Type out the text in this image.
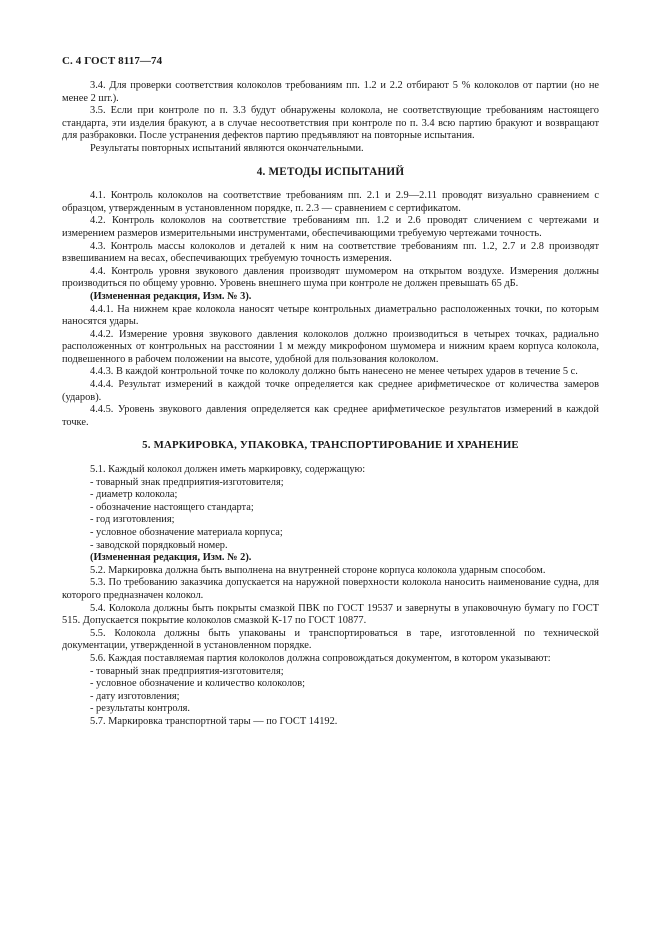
С. 4 ГОСТ 8117—74

3.4. Для проверки соответствия колоколов требованиям пп. 1.2 и 2.2 отбирают 5 % колоколов от партии (но не менее 2 шт.).

3.5. Если при контроле по п. 3.3 будут обнаружены колокола, не соответствующие требованиям настоящего стандарта, эти изделия бракуют, а в случае несоответствия при контроле по п. 3.4 всю партию бракуют и возвращают для разбраковки. После устранения дефектов партию предъявляют на повторные испытания.

Результаты повторных испытаний являются окончательными.

4. МЕТОДЫ ИСПЫТАНИЙ

4.1. Контроль колоколов на соответствие требованиям пп. 2.1 и 2.9—2.11 проводят визуально сравнением с образцом, утвержденным в установленном порядке, п. 2.3 — сравнением с сертификатом.

4.2. Контроль колоколов на соответствие требованиям пп. 1.2 и 2.6 проводят сличением с чертежами и измерением размеров измерительными инструментами, обеспечивающими требуемую чертежами точность.

4.3. Контроль массы колоколов и деталей к ним на соответствие требованиям пп. 1.2, 2.7 и 2.8 производят взвешиванием на весах, обеспечивающих требуемую точность измерения.

4.4. Контроль уровня звукового давления производят шумомером на открытом воздухе. Измерения должны производиться по общему уровню. Уровень внешнего шума при контроле не должен превышать 65 дБ.

(Измененная редакция, Изм. № 3).

4.4.1. На нижнем крае колокола наносят четыре контрольных диаметрально расположенных точки, по которым наносятся удары.

4.4.2. Измерение уровня звукового давления колоколов должно производиться в четырех точках, радиально расположенных от контрольных на расстоянии 1 м между микрофоном шумомера и нижним краем корпуса колокола, подвешенного в рабочем положении на высоте, удобной для пользования колоколом.

4.4.3. В каждой контрольной точке по колоколу должно быть нанесено не менее четырех ударов в течение 5 с.

4.4.4. Результат измерений в каждой точке определяется как среднее арифметическое от количества замеров (ударов).

4.4.5. Уровень звукового давления определяется как среднее арифметическое результатов измерений в каждой точке.

5. МАРКИРОВКА, УПАКОВКА, ТРАНСПОРТИРОВАНИЕ И ХРАНЕНИЕ

5.1. Каждый колокол должен иметь маркировку, содержащую:

- товарный знак предприятия-изготовителя;

- диаметр колокола;

- обозначение настоящего стандарта;

- год изготовления;

- условное обозначение материала корпуса;

- заводской порядковый номер.

(Измененная редакция, Изм. № 2).

5.2. Маркировка должна быть выполнена на внутренней стороне корпуса колокола ударным способом.

5.3. По требованию заказчика допускается на наружной поверхности колокола наносить наименование судна, для которого предназначен колокол.

5.4. Колокола должны быть покрыты смазкой ПВК по ГОСТ 19537 и завернуты в упаковочную бумагу по ГОСТ 515. Допускается покрытие колоколов смазкой К-17 по ГОСТ 10877.

5.5. Колокола должны быть упакованы и транспортироваться в таре, изготовленной по технической документации, утвержденной в установленном порядке.

5.6. Каждая поставляемая партия колоколов должна сопровождаться документом, в котором указывают:

- товарный знак предприятия-изготовителя;

- условное обозначение и количество колоколов;

- дату изготовления;

- результаты контроля.

5.7. Маркировка транспортной тары — по ГОСТ 14192.
